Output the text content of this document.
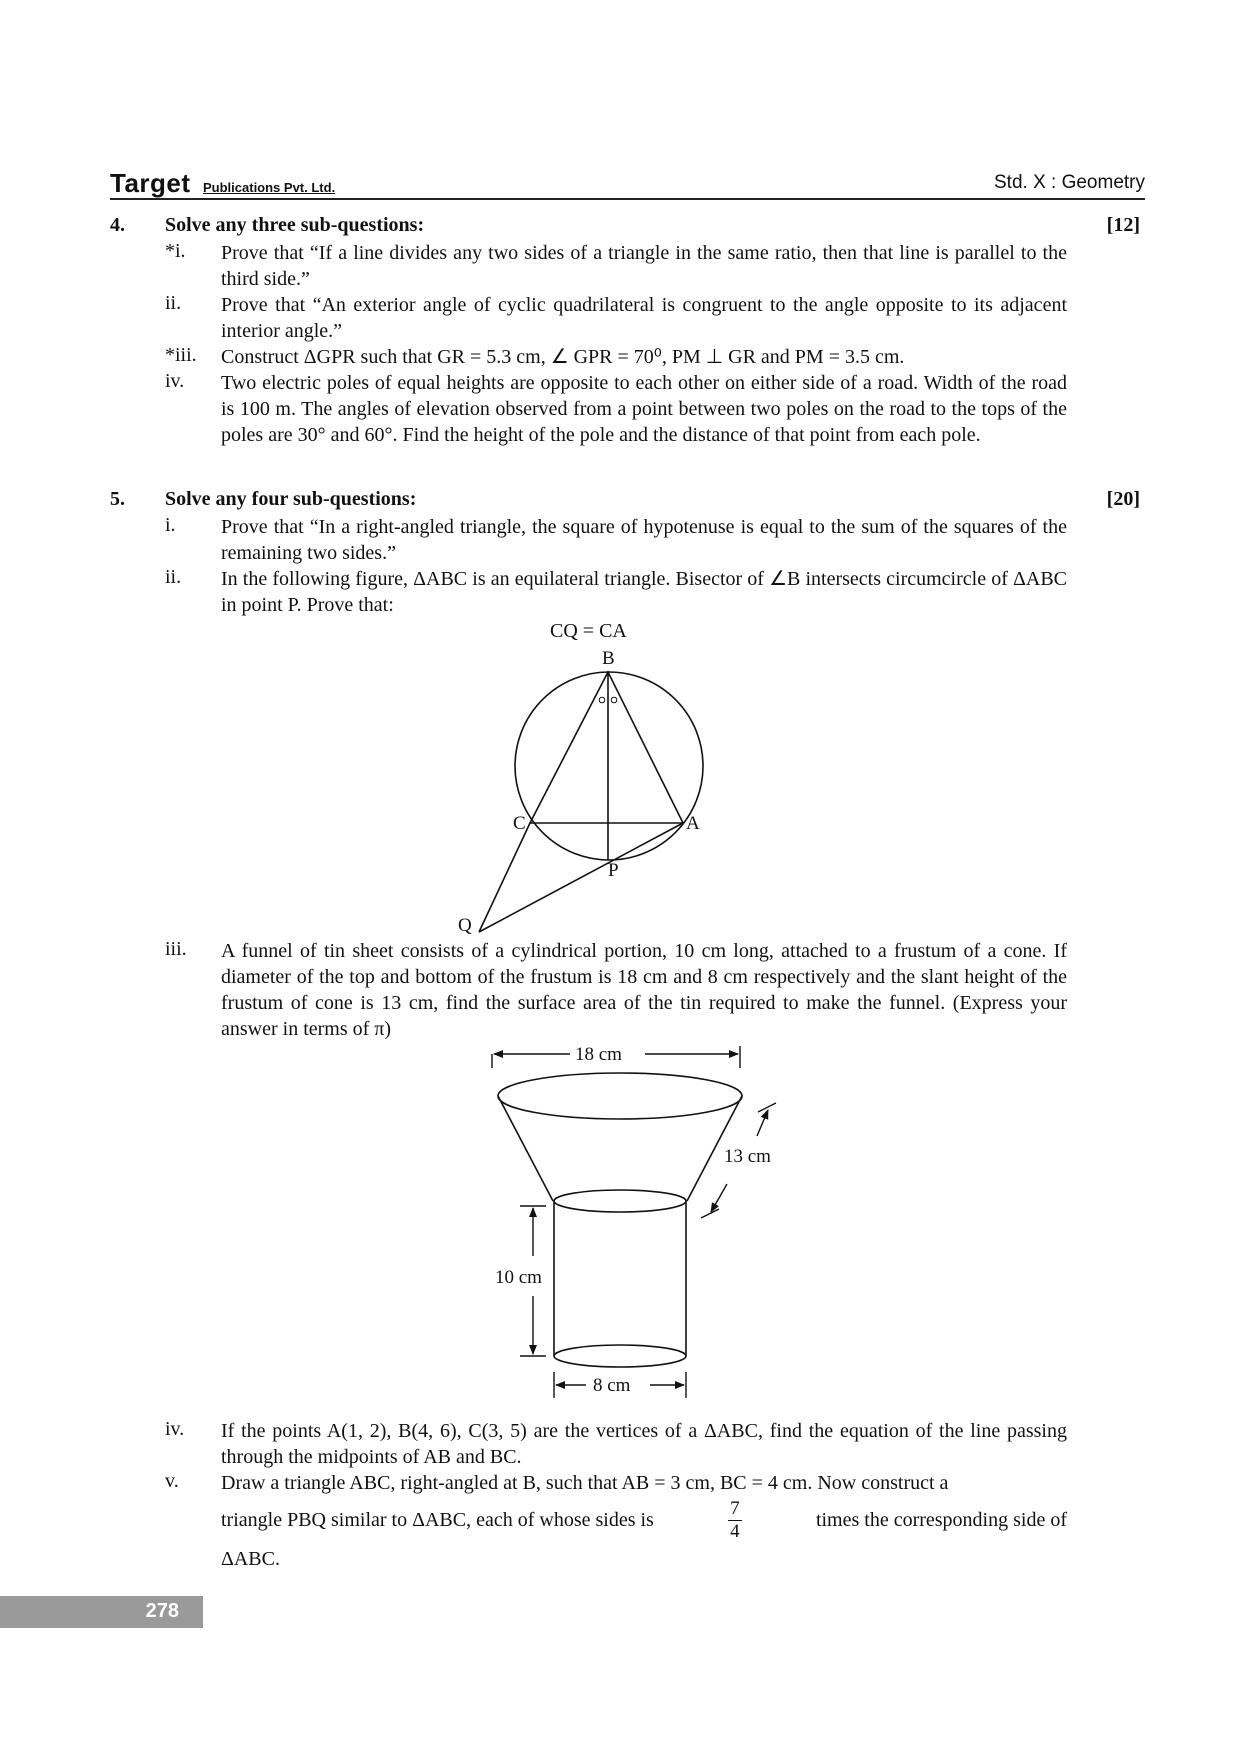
Target Publications Pvt. Ltd.	Std. X : Geometry
4. Solve any three sub-questions:	[12]
*i. Prove that “If a line divides any two sides of a triangle in the same ratio, then that line is parallel to the third side.”
ii. Prove that “An exterior angle of cyclic quadrilateral is congruent to the angle opposite to its adjacent interior angle.”
*iii. Construct ΔGPR such that GR = 5.3 cm, ∠ GPR = 70⁰, PM ⊥ GR and PM = 3.5 cm.
iv. Two electric poles of equal heights are opposite to each other on either side of a road. Width of the road is 100 m. The angles of elevation observed from a point between two poles on the road to the tops of the poles are 30° and 60°. Find the height of the pole and the distance of that point from each pole.
5. Solve any four sub-questions:	[20]
i. Prove that “In a right-angled triangle, the square of hypotenuse is equal to the sum of the squares of the remaining two sides.”
ii. In the following figure, ΔABC is an equilateral triangle. Bisector of ∠B intersects circumcircle of ΔABC in point P. Prove that:
CQ = CA
B
C	A
P
Q
iii. A funnel of tin sheet consists of a cylindrical portion, 10 cm long, attached to a frustum of a cone. If diameter of the top and bottom of the frustum is 18 cm and 8 cm respectively and the slant height of the frustum of cone is 13 cm, find the surface area of the tin required to make the funnel. (Express your answer in terms of π)
18 cm
13 cm
10 cm
8 cm
iv. If the points A(1, 2), B(4, 6), C(3, 5) are the vertices of a ΔABC, find the equation of the line passing through the midpoints of AB and BC.
v. Draw a triangle ABC, right-angled at B, such that AB = 3 cm, BC = 4 cm. Now construct a
triangle PBQ similar to ΔABC, each of whose sides is	$\frac{7}{4}$	times the corresponding side of
ΔABC.
278
